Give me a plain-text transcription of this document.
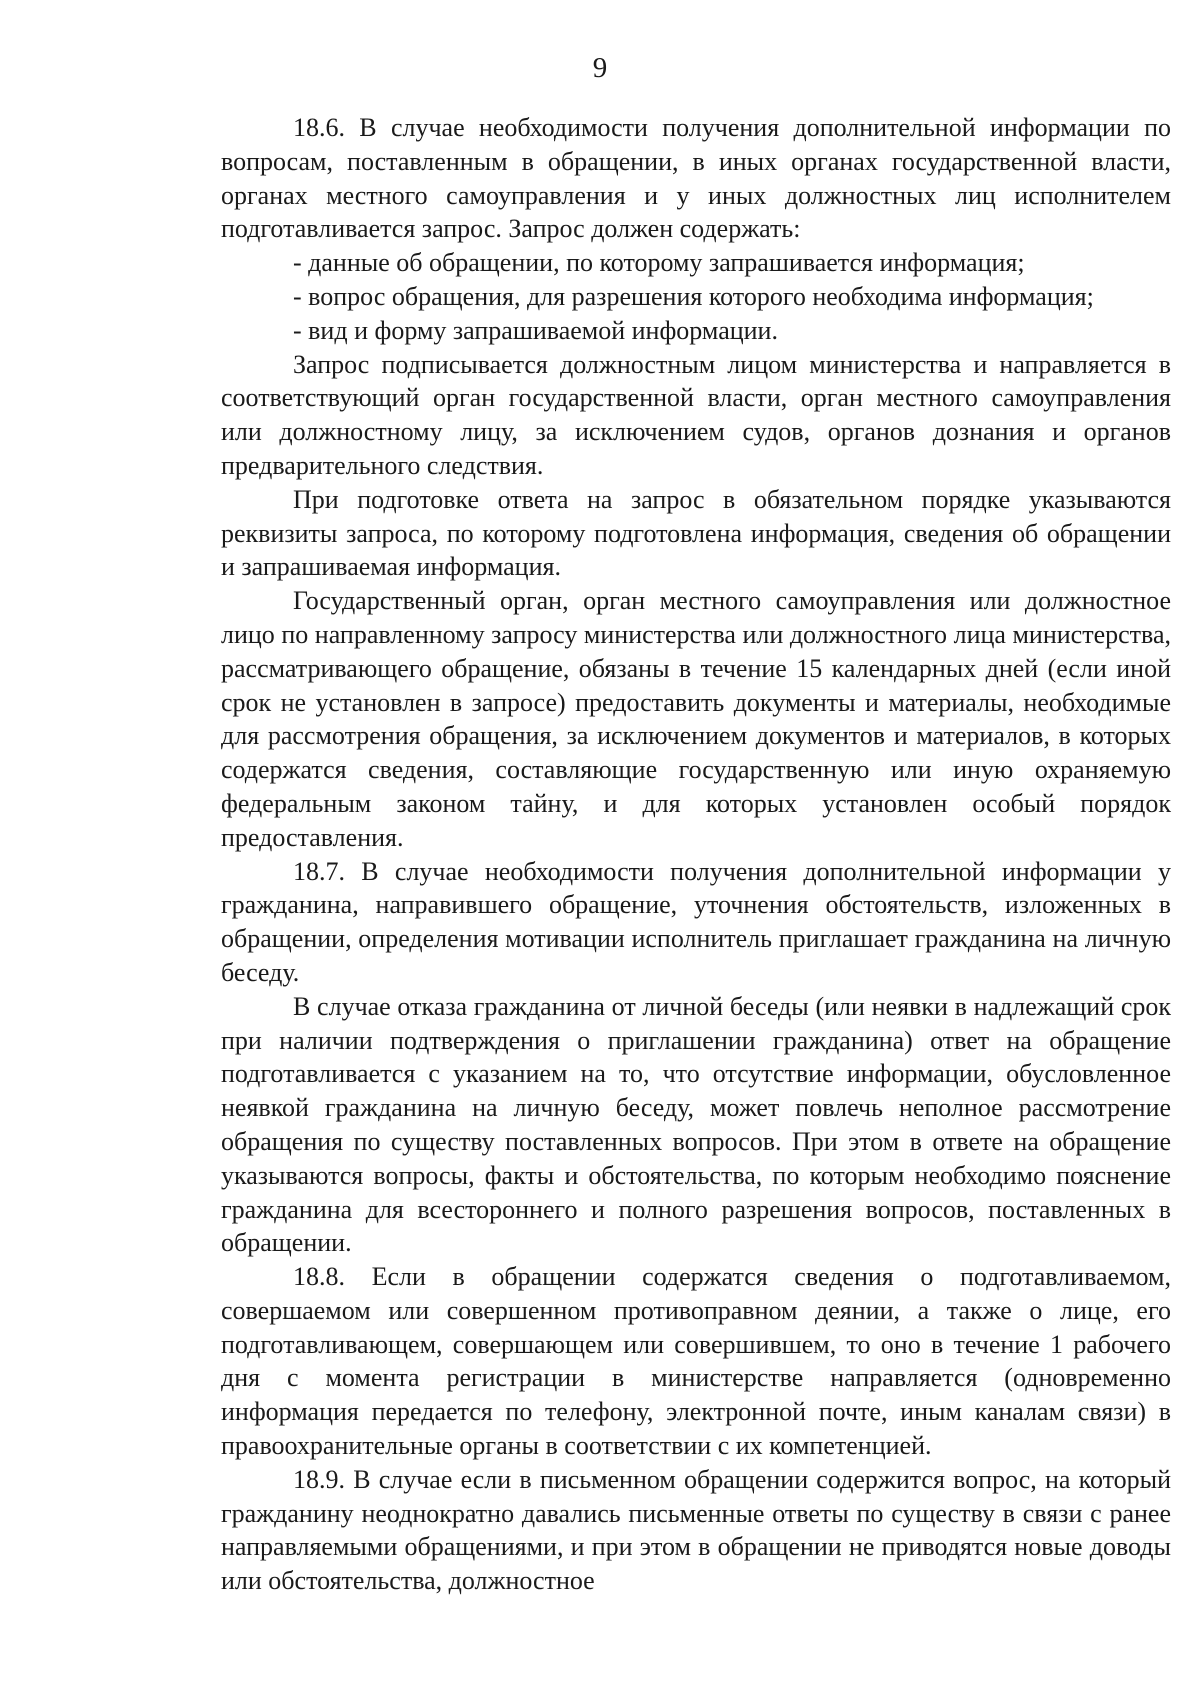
9

18.6. В случае необходимости получения дополнительной информации по вопросам, поставленным в обращении, в иных органах государственной власти, органах местного самоуправления и у иных должностных лиц исполнителем подготавливается запрос. Запрос должен содержать:

- данные об обращении, по которому запрашивается информация;

- вопрос обращения, для разрешения которого необходима информация;

- вид и форму запрашиваемой информации.

Запрос подписывается должностным лицом министерства и направляется в соответствующий орган государственной власти, орган местного самоуправления или должностному лицу, за исключением судов, органов дознания и органов предварительного следствия.

При подготовке ответа на запрос в обязательном порядке указываются реквизиты запроса, по которому подготовлена информация, сведения об обращении и запрашиваемая информация.

Государственный орган, орган местного самоуправления или должностное лицо по направленному запросу министерства или должностного лица министерства, рассматривающего обращение, обязаны в течение 15 календарных дней (если иной срок не установлен в запросе) предоставить документы и материалы, необходимые для рассмотрения обращения, за исключением документов и материалов, в которых содержатся сведения, составляющие государственную или иную охраняемую федеральным законом тайну, и для которых установлен особый порядок предоставления.

18.7. В случае необходимости получения дополнительной информации у гражданина, направившего обращение, уточнения обстоятельств, изложенных в обращении, определения мотивации исполнитель приглашает гражданина на личную беседу.

В случае отказа гражданина от личной беседы (или неявки в надлежащий срок при наличии подтверждения о приглашении гражданина) ответ на обращение подготавливается с указанием на то, что отсутствие информации, обусловленное неявкой гражданина на личную беседу, может повлечь неполное рассмотрение обращения по существу поставленных вопросов. При этом в ответе на обращение указываются вопросы, факты и обстоятельства, по которым необходимо пояснение гражданина для всестороннего и полного разрешения вопросов, поставленных в обращении.

18.8. Если в обращении содержатся сведения о подготавливаемом, совершаемом или совершенном противоправном деянии, а также о лице, его подготавливающем, совершающем или совершившем, то оно в течение 1 рабочего дня с момента регистрации в министерстве направляется (одновременно информация передается по телефону, электронной почте, иным каналам связи) в правоохранительные органы в соответствии с их компетенцией.

18.9. В случае если в письменном обращении содержится вопрос, на который гражданину неоднократно давались письменные ответы по существу в связи с ранее направляемыми обращениями, и при этом в обращении не приводятся новые доводы или обстоятельства, должностное
